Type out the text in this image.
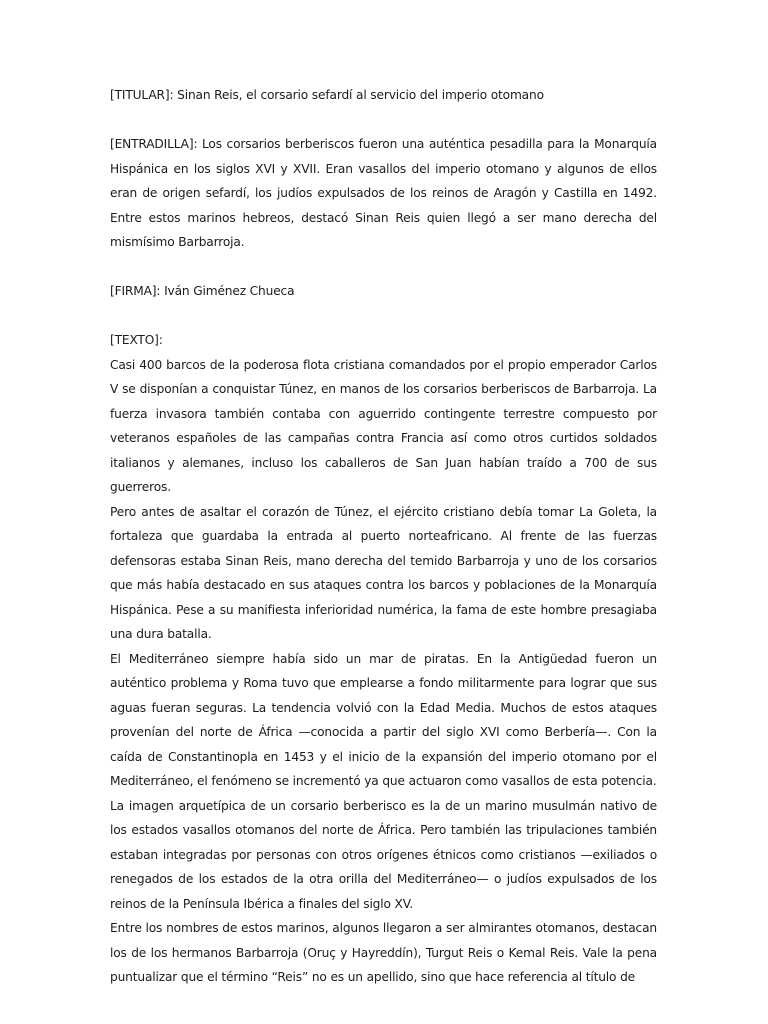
[TITULAR]: Sinan Reis, el corsario sefardí al servicio del imperio otomano

[ENTRADILLA]: Los corsarios berberiscos fueron una auténtica pesadilla para la Monarquía Hispánica en los siglos XVI y XVII. Eran vasallos del imperio otomano y algunos de ellos eran de origen sefardí, los judíos expulsados de los reinos de Aragón y Castilla en 1492. Entre estos marinos hebreos, destacó Sinan Reis quien llegó a ser mano derecha del mismísimo Barbarroja.

[FIRMA]: Iván Giménez Chueca

[TEXTO]:

Casi 400 barcos de la poderosa flota cristiana comandados por el propio emperador Carlos V se disponían a conquistar Túnez, en manos de los corsarios berberiscos de Barbarroja. La fuerza invasora también contaba con aguerrido contingente terrestre compuesto por veteranos españoles de las campañas contra Francia así como otros curtidos soldados italianos y alemanes, incluso los caballeros de San Juan habían traído a 700 de sus guerreros.

Pero antes de asaltar el corazón de Túnez, el ejército cristiano debía tomar La Goleta, la fortaleza que guardaba la entrada al puerto norteafricano. Al frente de las fuerzas defensoras estaba Sinan Reis, mano derecha del temido Barbarroja y uno de los corsarios que más había destacado en sus ataques contra los barcos y poblaciones de la Monarquía Hispánica. Pese a su manifiesta inferioridad numérica, la fama de este hombre presagiaba una dura batalla.

El Mediterráneo siempre había sido un mar de piratas. En la Antigüedad fueron un auténtico problema y Roma tuvo que emplearse a fondo militarmente para lograr que sus aguas fueran seguras. La tendencia volvió con la Edad Media. Muchos de estos ataques provenían del norte de África —conocida a partir del siglo XVI como Berbería—. Con la caída de Constantinopla en 1453 y el inicio de la expansión del imperio otomano por el Mediterráneo, el fenómeno se incrementó ya que actuaron como vasallos de esta potencia.

La imagen arquetípica de un corsario berberisco es la de un marino musulmán nativo de los estados vasallos otomanos del norte de África. Pero también las tripulaciones también estaban integradas por personas con otros orígenes étnicos como cristianos —exiliados o renegados de los estados de la otra orilla del Mediterráneo— o judíos expulsados de los reinos de la Península Ibérica a finales del siglo XV.

Entre los nombres de estos marinos, algunos llegaron a ser almirantes otomanos, destacan los de los hermanos Barbarroja (Oruç y Hayreddín), Turgut Reis o Kemal Reis. Vale la pena puntualizar que el término “Reis” no es un apellido, sino que hace referencia al título de
